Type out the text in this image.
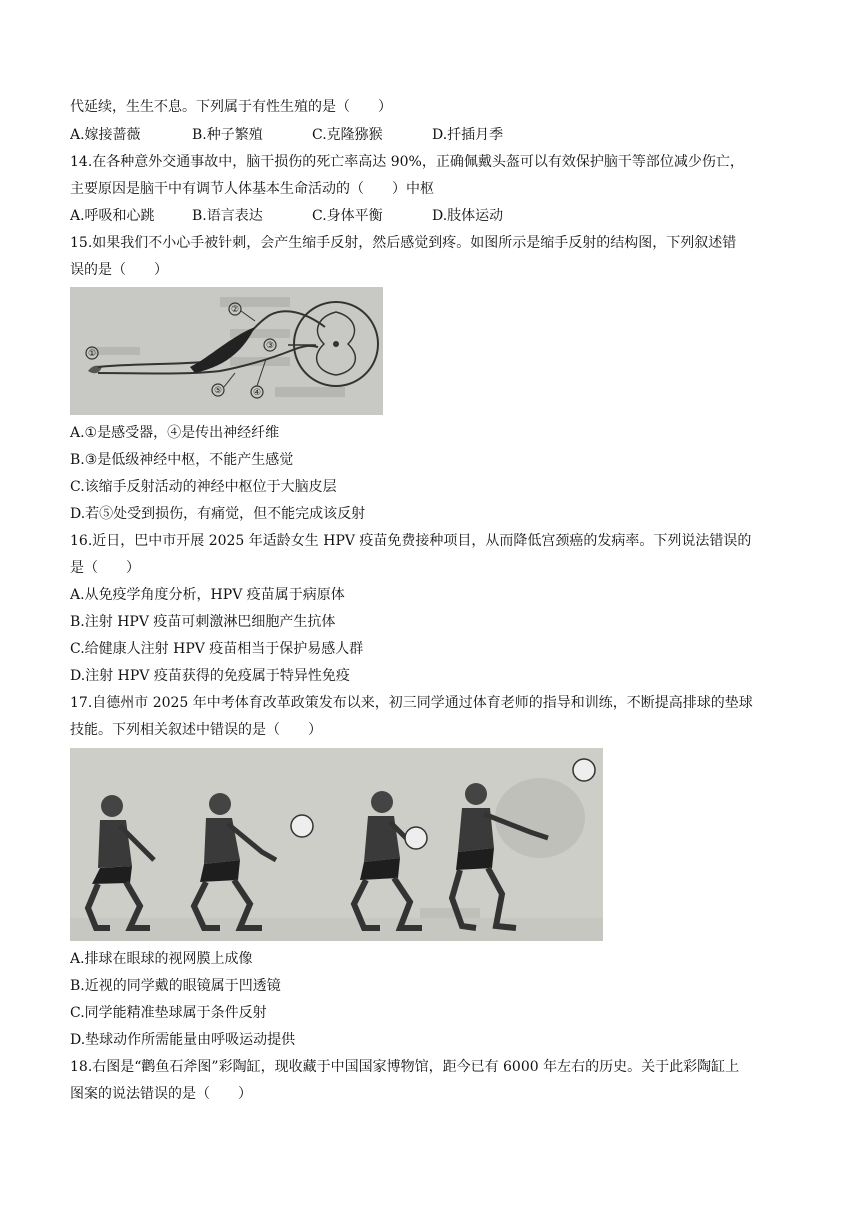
代延续，生生不息。下列属于有性生殖的是（　　）
A.嫁接蔷薇	B.种子繁殖	C.克隆猕猴	D.扦插月季
14.在各种意外交通事故中，脑干损伤的死亡率高达 90%，正确佩戴头盔可以有效保护脑干等部位减少伤亡，
主要原因是脑干中有调节人体基本生命活动的（　　）中枢
A.呼吸和心跳	B.语言表达	C.身体平衡	D.肢体运动
15.如果我们不小心手被针刺，会产生缩手反射，然后感觉到疼。如图所示是缩手反射的结构图，下列叙述错
误的是（　　）
①
②
③
④
⑤
A.①是感受器，④是传出神经纤维
B.③是低级神经中枢，不能产生感觉
C.该缩手反射活动的神经中枢位于大脑皮层
D.若⑤处受到损伤，有痛觉，但不能完成该反射
16.近日，巴中市开展 2025 年适龄女生 HPV 疫苗免费接种项目，从而降低宫颈癌的发病率。下列说法错误的
是（　　）
A.从免疫学角度分析，HPV 疫苗属于病原体
B.注射 HPV 疫苗可刺激淋巴细胞产生抗体
C.给健康人注射 HPV 疫苗相当于保护易感人群
D.注射 HPV 疫苗获得的免疫属于特异性免疫
17.自德州市 2025 年中考体育改革政策发布以来，初三同学通过体育老师的指导和训练，不断提高排球的垫球
技能。下列相关叙述中错误的是（　　）
A.排球在眼球的视网膜上成像
B.近视的同学戴的眼镜属于凹透镜
C.同学能精准垫球属于条件反射
D.垫球动作所需能量由呼吸运动提供
18.右图是“鹳鱼石斧图”彩陶缸，现收藏于中国国家博物馆，距今已有 6000 年左右的历史。关于此彩陶缸上
图案的说法错误的是（　　）
